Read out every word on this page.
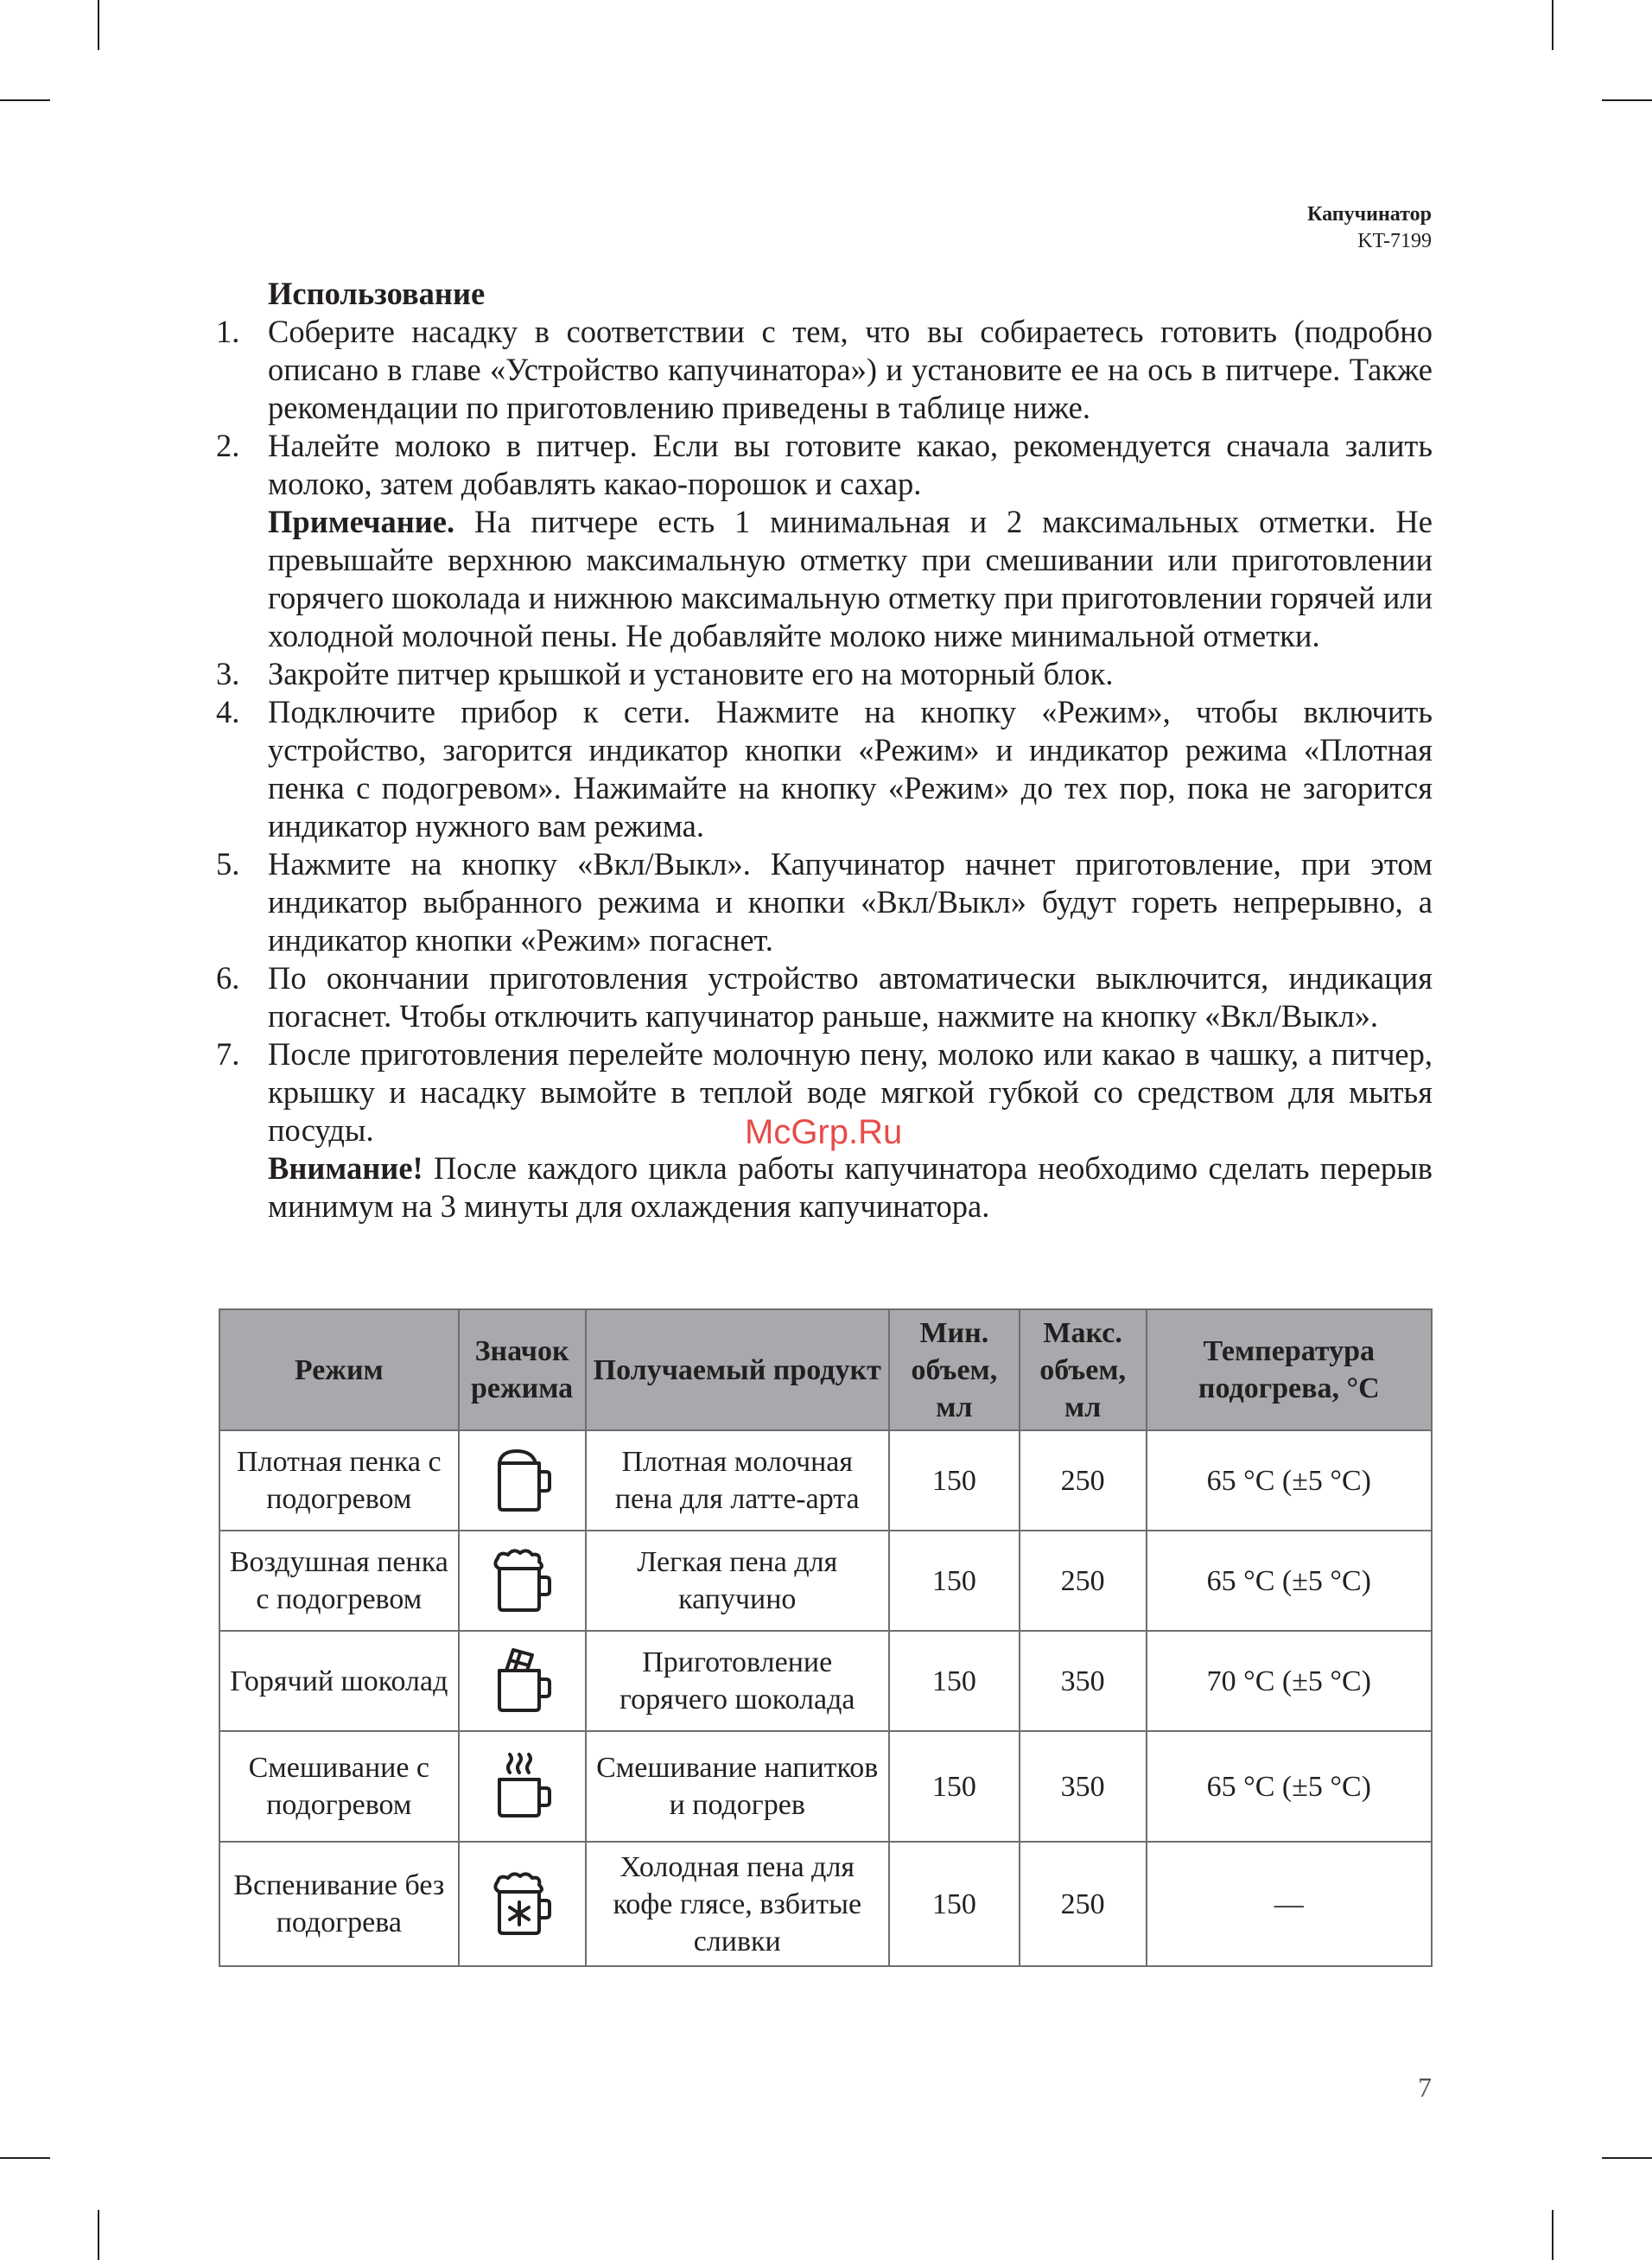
Капучинатор
KT-7199
Использование
1. Соберите насадку в соответствии с тем, что вы собираетесь готовить (подробно описано в главе «Устройство капучинатора») и установите ее на ось в питчере. Также рекомендации по приготовлению приведены в таблице ниже.
2. Налейте молоко в питчер. Если вы готовите какао, рекомендуется сначала залить молоко, затем добавлять какао-порошок и сахар.
Примечание. На питчере есть 1 минимальная и 2 максимальных отметки. Не превышайте верхнюю максимальную отметку при смешивании или приготовлении горячего шоколада и нижнюю максимальную отметку при приготовлении горячей или холодной молочной пены. Не добавляйте молоко ниже минимальной отметки.
3. Закройте питчер крышкой и установите его на моторный блок.
4. Подключите прибор к сети. Нажмите на кнопку «Режим», чтобы включить устройство, загорится индикатор кнопки «Режим» и индикатор режима «Плотная пенка с подогревом». Нажимайте на кнопку «Режим» до тех пор, пока не загорится индикатор нужного вам режима.
5. Нажмите на кнопку «Вкл/Выкл». Капучинатор начнет приготовление, при этом индикатор выбранного режима и кнопки «Вкл/Выкл» будут гореть непрерывно, а индикатор кнопки «Режим» погаснет.
6. По окончании приготовления устройство автоматически выключится, индикация погаснет. Чтобы отключить капучинатор раньше, нажмите на кнопку «Вкл/Выкл».
7. После приготовления перелейте молочную пену, молоко или какао в чашку, а питчер, крышку и насадку вымойте в теплой воде мягкой губкой со средством для мытья посуды.
Внимание! После каждого цикла работы капучинатора необходимо сделать перерыв минимум на 3 минуты для охлаждения капучинатора.
McGrp.Ru
Режим	Значок режима	Получаемый продукт	Мин. объем, мл	Макс. объем, мл	Температура подогрева, °С
Плотная пенка с подогревом		Плотная молочная пена для латте-арта	150	250	65 °С (±5 °С)
Воздушная пенка с подогревом		Легкая пена для капучино	150	250	65 °С (±5 °С)
Горячий шоколад		Приготовление горячего шоколада	150	350	70 °С (±5 °С)
Смешивание с подогревом		Смешивание напитков и подогрев	150	350	65 °С (±5 °С)
Вспенивание без подогрева		Холодная пена для кофе глясе, взбитые сливки	150	250	—
7
